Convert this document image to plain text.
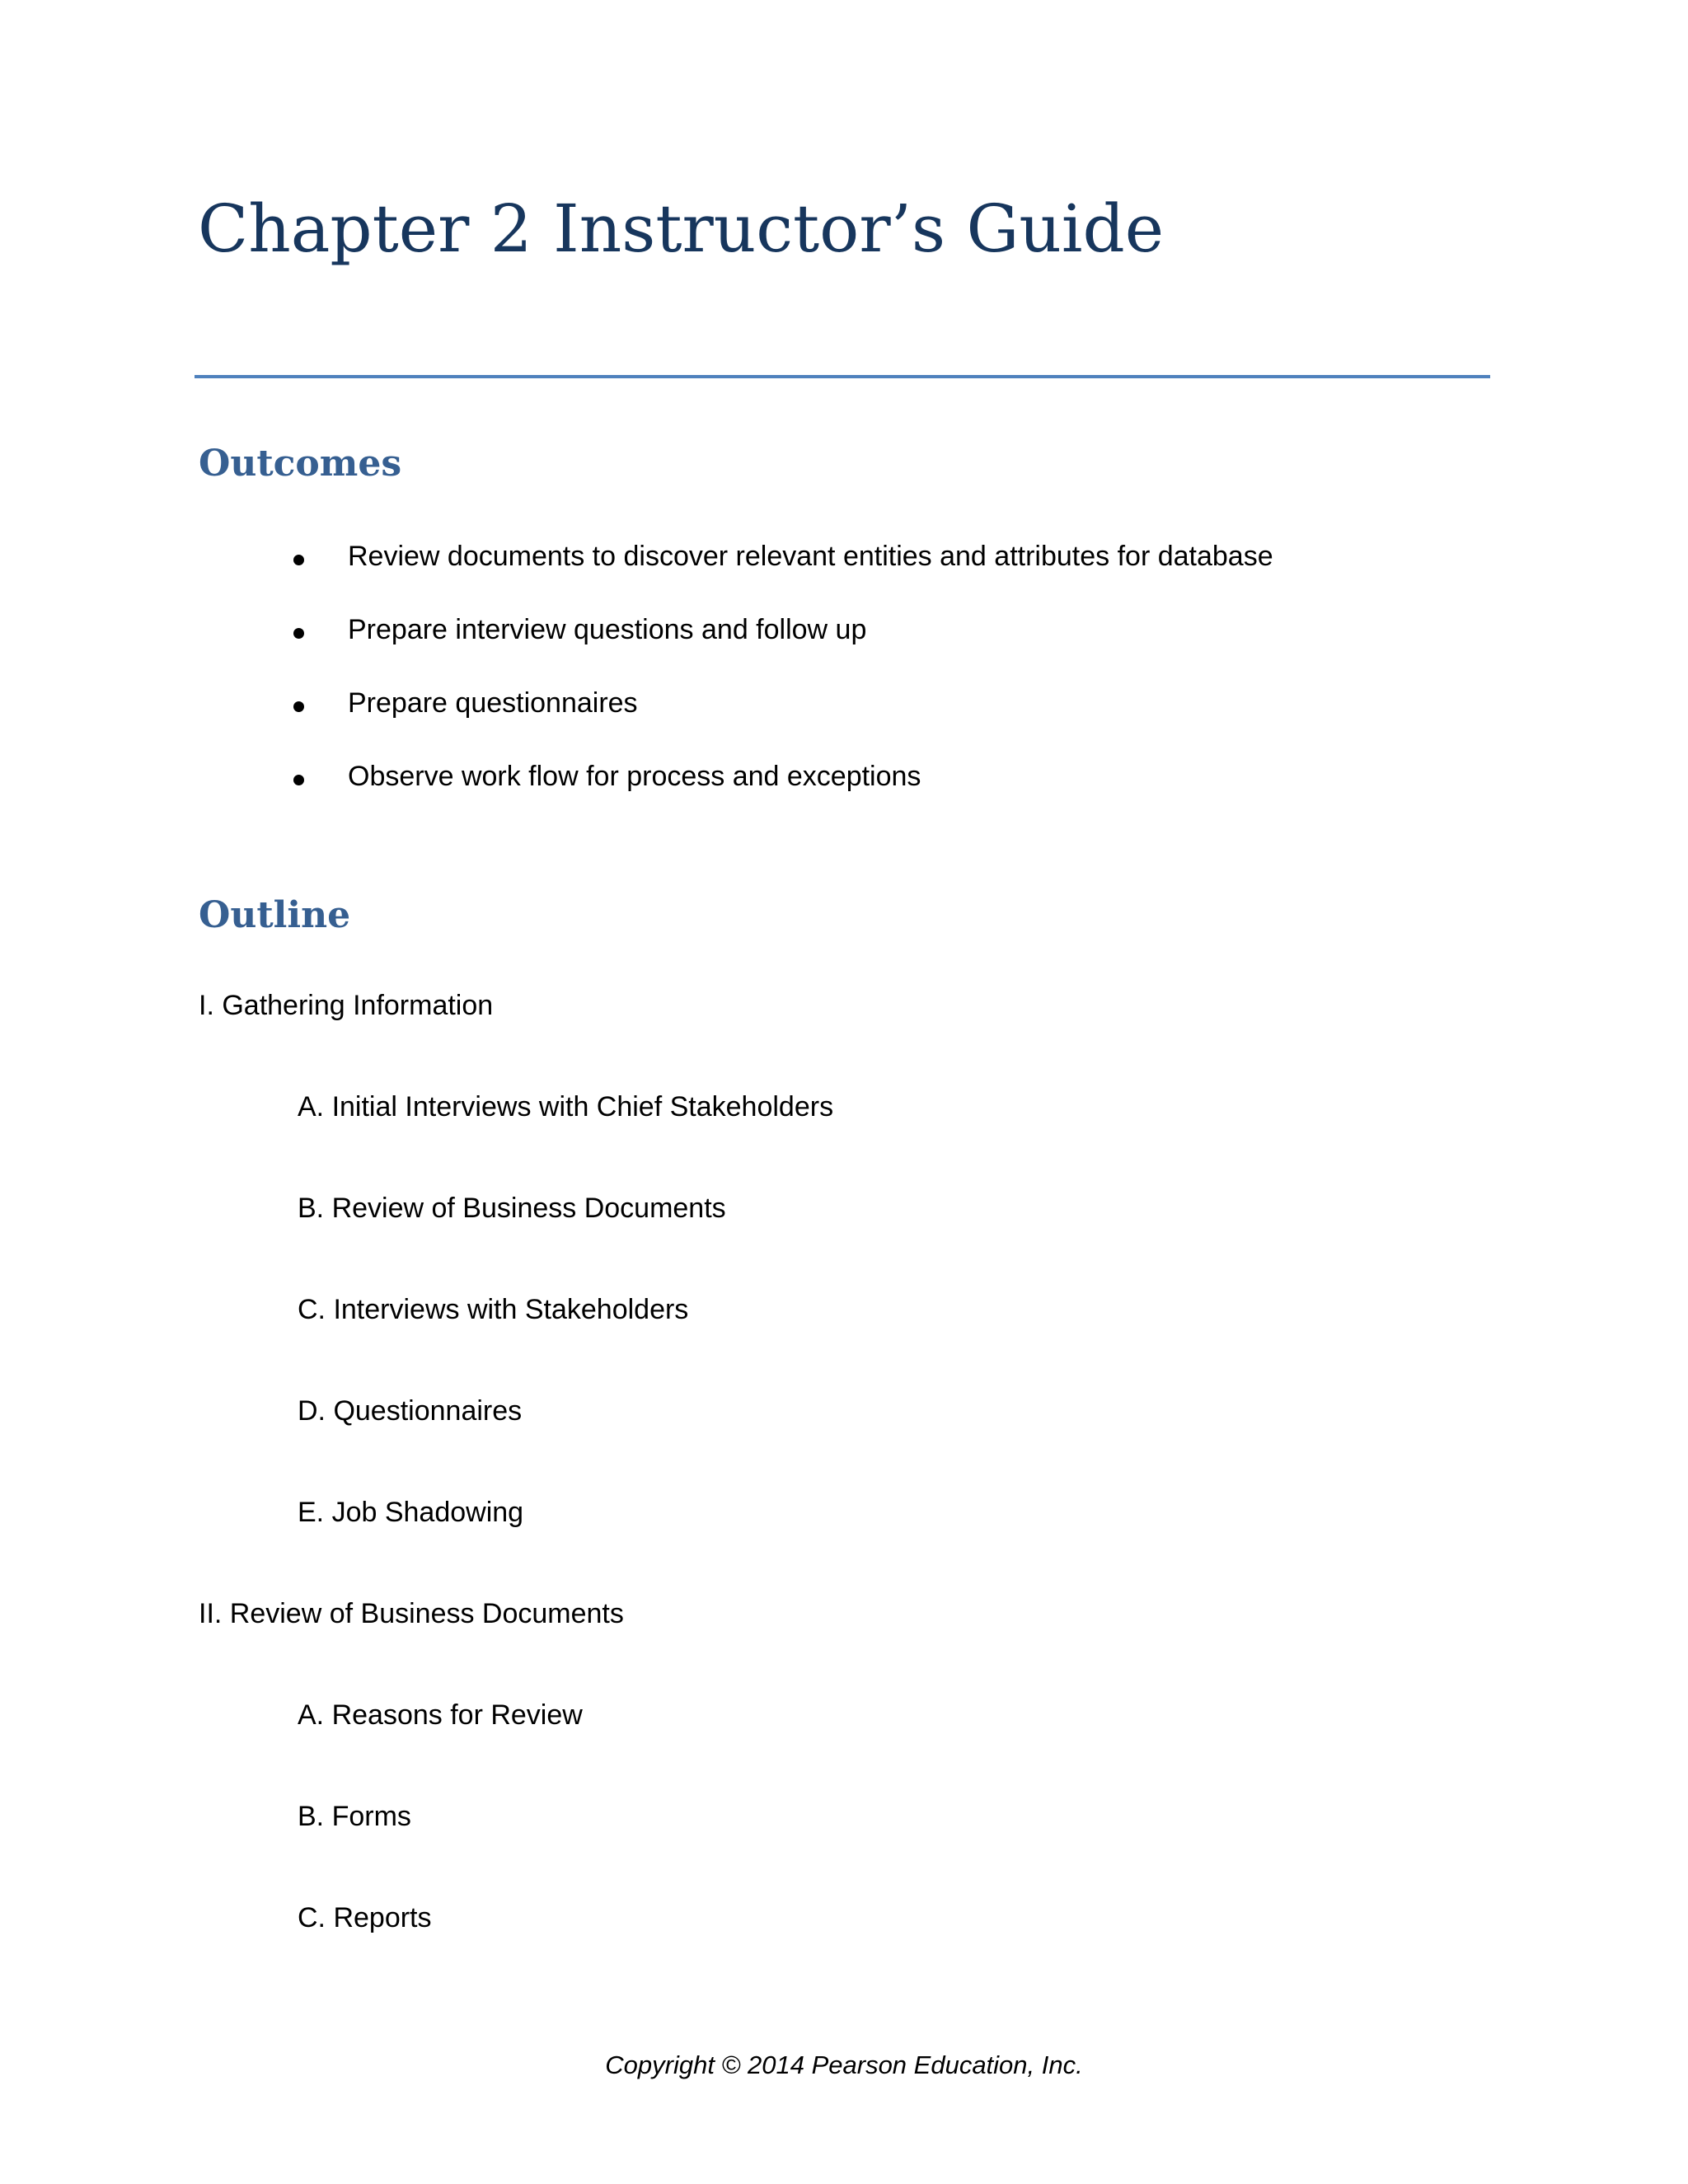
Chapter 2 Instructor’s Guide
Outcomes
Review documents to discover relevant entities and attributes for database
Prepare interview questions and follow up
Prepare questionnaires
Observe work flow for process and exceptions
Outline
I. Gathering Information
A. Initial Interviews with Chief Stakeholders
B. Review of Business Documents
C. Interviews with Stakeholders
D. Questionnaires
E. Job Shadowing
II. Review of Business Documents
A. Reasons for Review
B. Forms
C. Reports
Copyright © 2014 Pearson Education, Inc.
